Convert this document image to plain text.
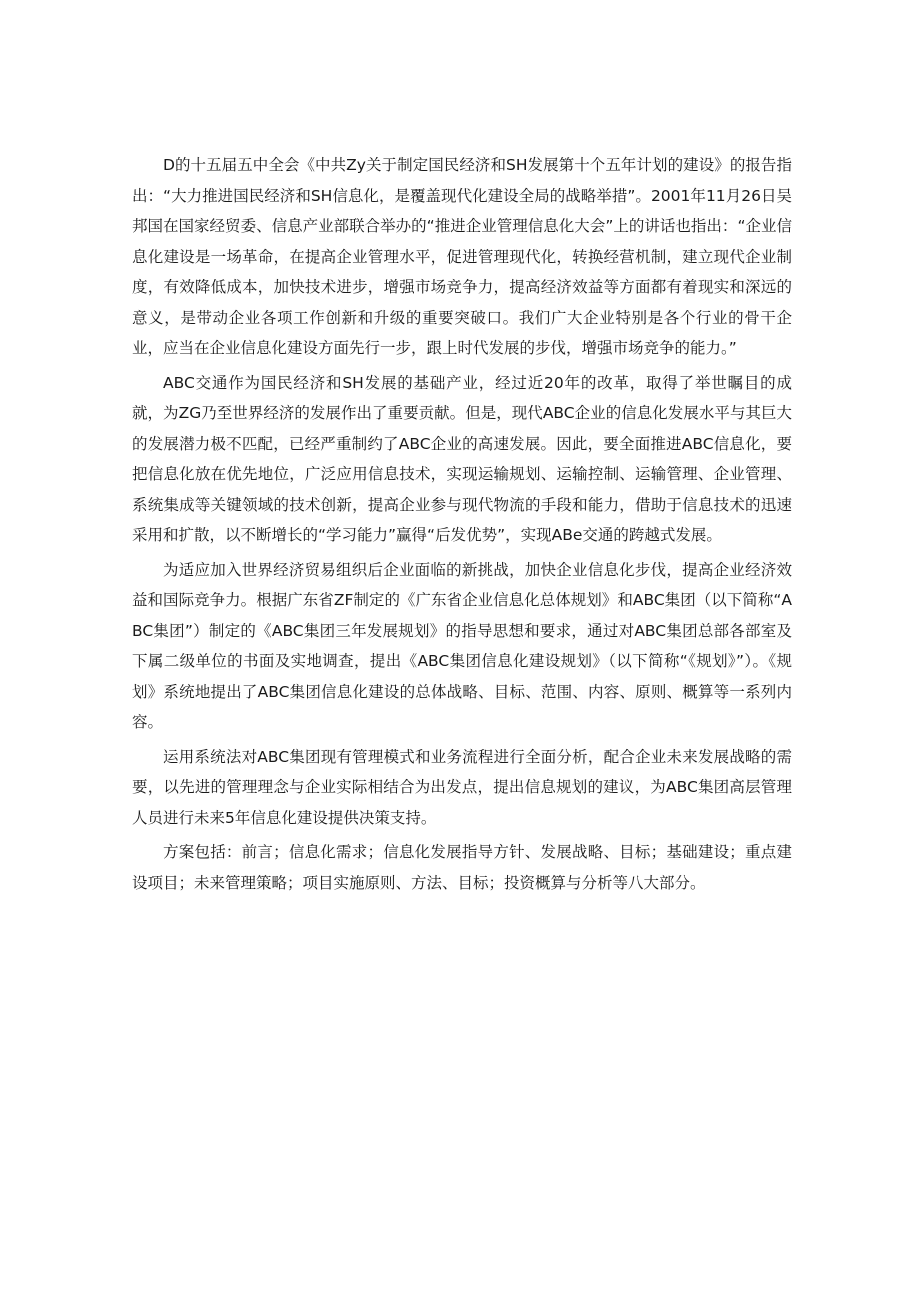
D的十五届五中全会《中共Zy关于制定国民经济和SH发展第十个五年计划的建设》的报告指出：“大力推进国民经济和SH信息化，是覆盖现代化建设全局的战略举措”。2001年11月26日吴邦国在国家经贸委、信息产业部联合举办的“推进企业管理信息化大会”上的讲话也指出：“企业信息化建设是一场革命，在提高企业管理水平，促进管理现代化，转换经营机制，建立现代企业制度，有效降低成本，加快技术进步，增强市场竞争力，提高经济效益等方面都有着现实和深远的意义，是带动企业各项工作创新和升级的重要突破口。我们广大企业特别是各个行业的骨干企业，应当在企业信息化建设方面先行一步，跟上时代发展的步伐，增强市场竞争的能力。”

ABC交通作为国民经济和SH发展的基础产业，经过近20年的改革，取得了举世瞩目的成就，为ZG乃至世界经济的发展作出了重要贡献。但是，现代ABC企业的信息化发展水平与其巨大的发展潜力极不匹配，已经严重制约了ABC企业的高速发展。因此，要全面推进ABC信息化，要把信息化放在优先地位，广泛应用信息技术，实现运输规划、运输控制、运输管理、企业管理、系统集成等关键领域的技术创新，提高企业参与现代物流的手段和能力，借助于信息技术的迅速采用和扩散，以不断增长的“学习能力”赢得“后发优势”，实现ABe交通的跨越式发展。

为适应加入世界经济贸易组织后企业面临的新挑战，加快企业信息化步伐，提高企业经济效益和国际竞争力。根据广东省ZF制定的《广东省企业信息化总体规划》和ABC集团（以下简称“ABC集团”）制定的《ABC集团三年发展规划》的指导思想和要求，通过对ABC集团总部各部室及下属二级单位的书面及实地调查，提出《ABC集团信息化建设规划》（以下简称“《规划》”）。《规划》系统地提出了ABC集团信息化建设的总体战略、目标、范围、内容、原则、概算等一系列内容。

运用系统法对ABC集团现有管理模式和业务流程进行全面分析，配合企业未来发展战略的需要，以先进的管理理念与企业实际相结合为出发点，提出信息规划的建议，为ABC集团高层管理人员进行未来5年信息化建设提供决策支持。

方案包括：前言；信息化需求；信息化发展指导方针、发展战略、目标；基础建设；重点建设项目；未来管理策略；项目实施原则、方法、目标；投资概算与分析等八大部分。
